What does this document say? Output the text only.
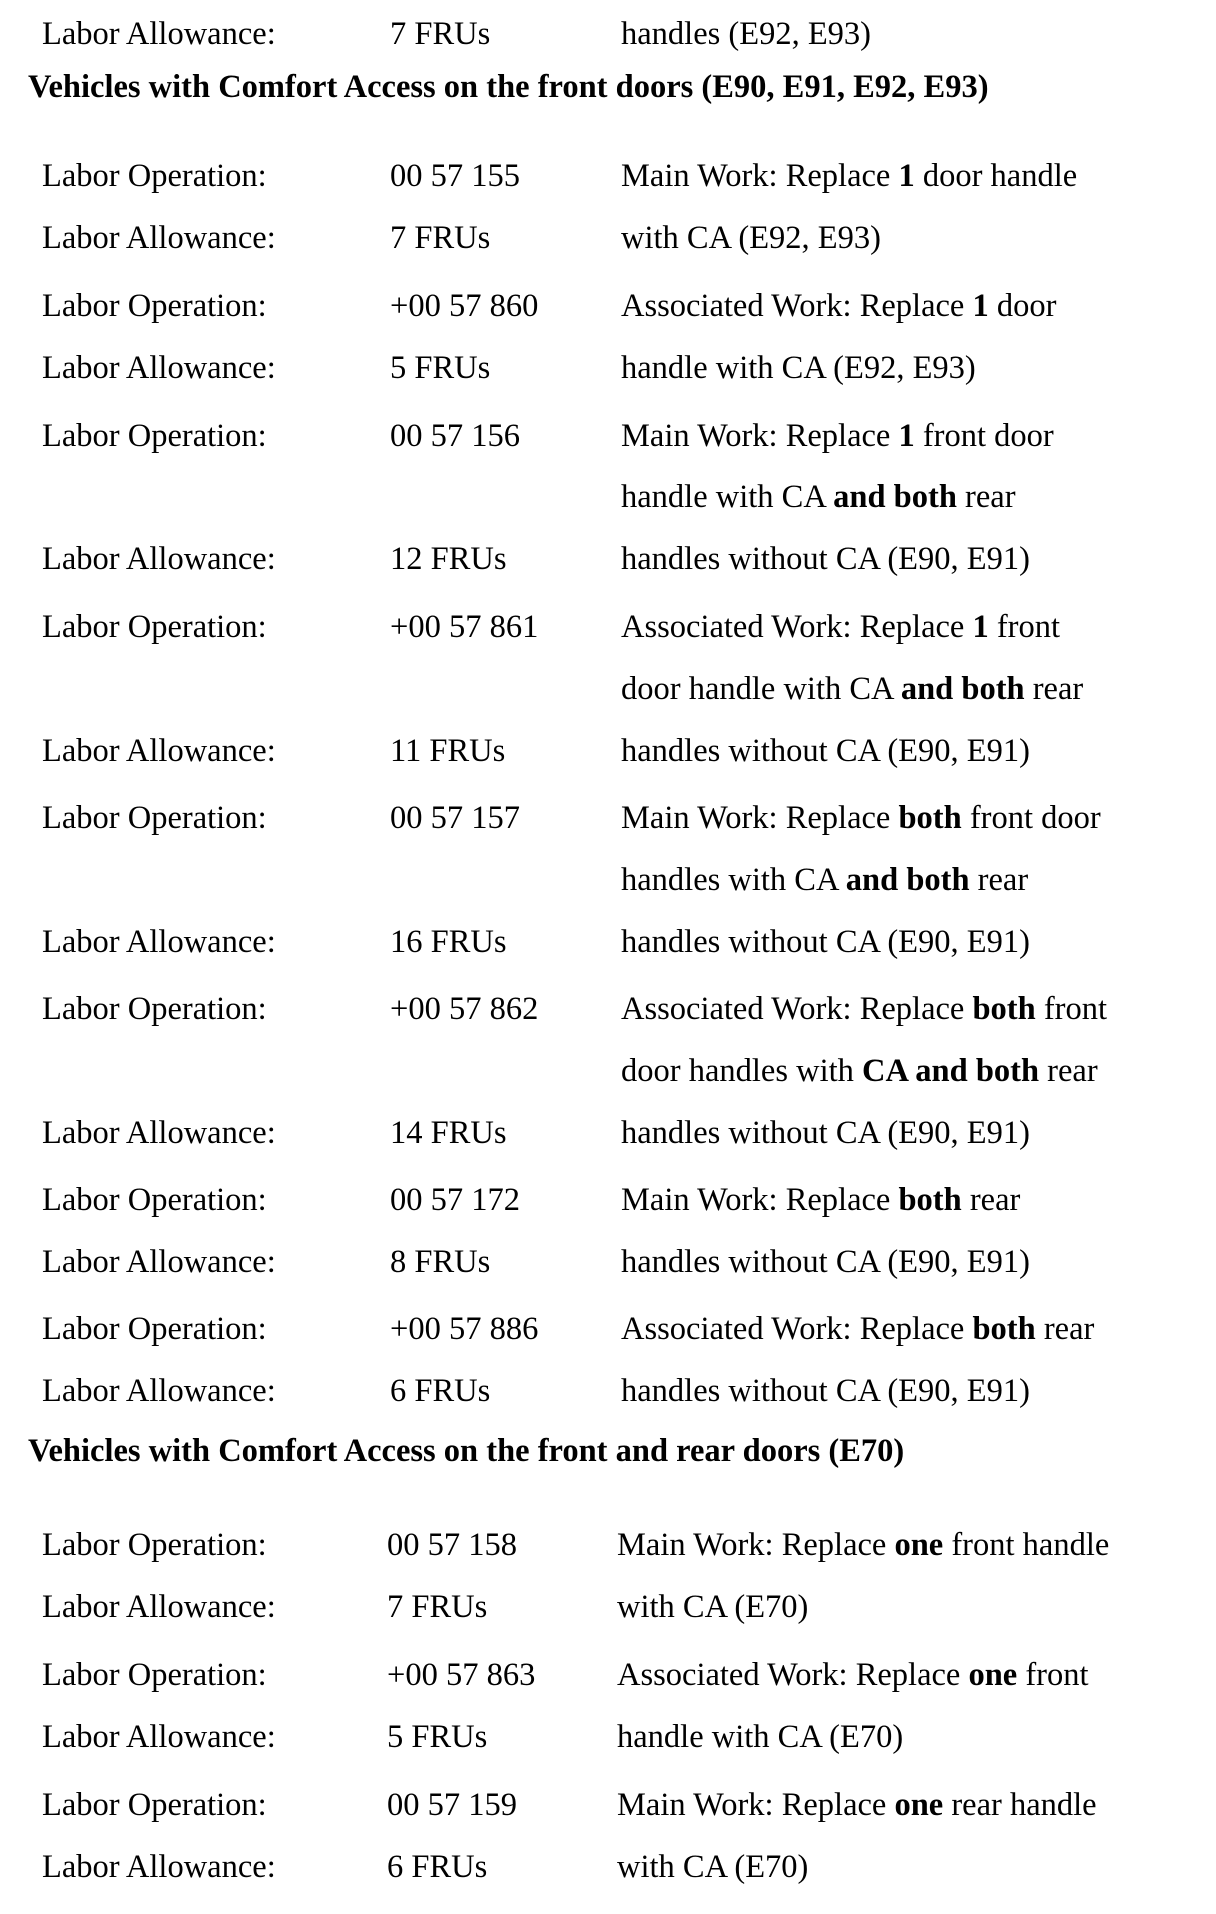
Labor Allowance:	7 FRUs	handles (E92, E93)
Vehicles with Comfort Access on the front doors (E90, E91, E92, E93)
Labor Operation:	00 57 155	Main Work: Replace 1 door handle
Labor Allowance:	7 FRUs	with CA (E92, E93)
Labor Operation:	+00 57 860	Associated Work: Replace 1 door
Labor Allowance:	5 FRUs	handle with CA (E92, E93)
Labor Operation:	00 57 156	Main Work: Replace 1 front door
handle with CA and both rear
Labor Allowance:	12 FRUs	handles without CA (E90, E91)
Labor Operation:	+00 57 861	Associated Work: Replace 1 front
door handle with CA and both rear
Labor Allowance:	11 FRUs	handles without CA (E90, E91)
Labor Operation:	00 57 157	Main Work: Replace both front door
handles with CA and both rear
Labor Allowance:	16 FRUs	handles without CA (E90, E91)
Labor Operation:	+00 57 862	Associated Work: Replace both front
door handles with CA and both rear
Labor Allowance:	14 FRUs	handles without CA (E90, E91)
Labor Operation:	00 57 172	Main Work: Replace both rear
Labor Allowance:	8 FRUs	handles without CA (E90, E91)
Labor Operation:	+00 57 886	Associated Work: Replace both rear
Labor Allowance:	6 FRUs	handles without CA (E90, E91)
Vehicles with Comfort Access on the front and rear doors (E70)
Labor Operation:	00 57 158	Main Work: Replace one front handle
Labor Allowance:	7 FRUs	with CA (E70)
Labor Operation:	+00 57 863	Associated Work: Replace one front
Labor Allowance:	5 FRUs	handle with CA (E70)
Labor Operation:	00 57 159	Main Work: Replace one rear handle
Labor Allowance:	6 FRUs	with CA (E70)
